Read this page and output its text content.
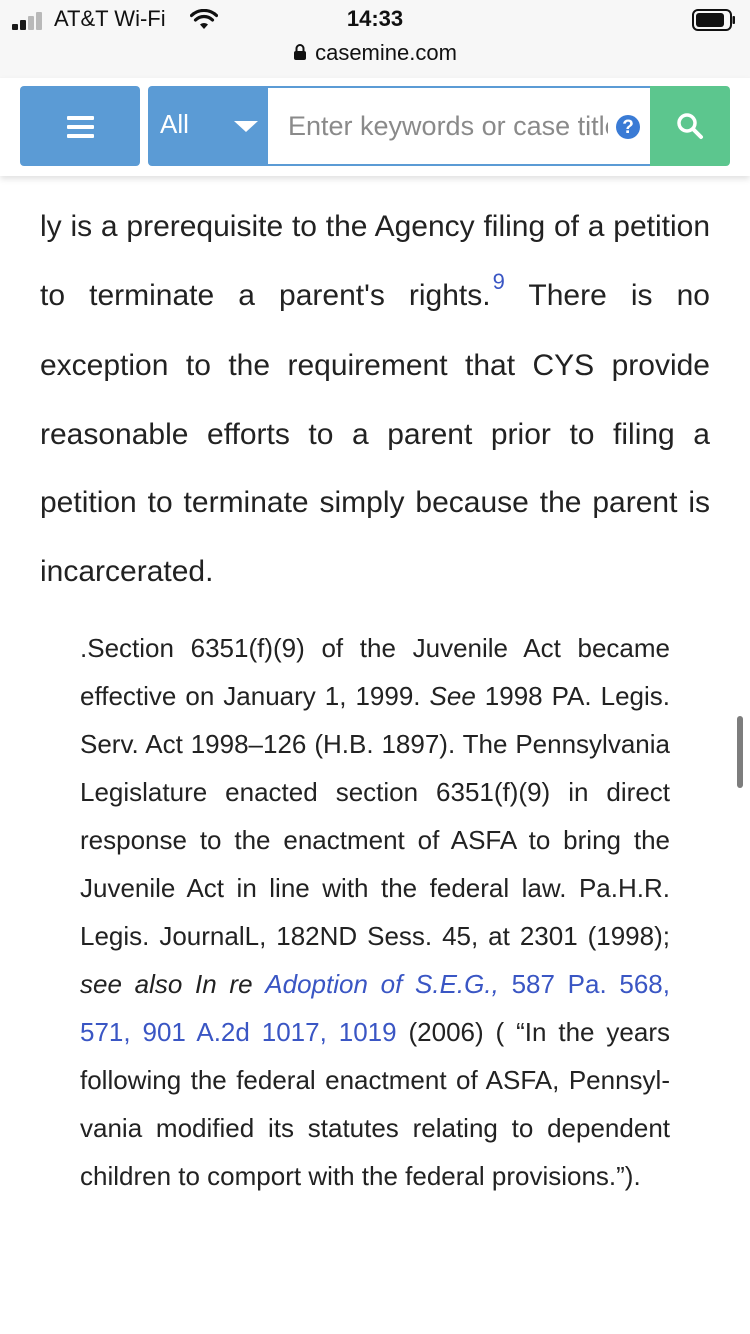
AT&T Wi-Fi	14:33
casemine.com
All
Enter keywords or case title	?

ly is a prerequisite to the Agency filing of a petition to terminate a parent's rights.$^9$ There is no exception to the requirement that CYS provide reasonable efforts to a parent prior to filing a petition to terminate simply because the parent is incarcerated.

.Section 6351(f)(9) of the Juvenile Act became effective on January 1, 1999. See 1998 PA. Legis. Serv. Act 1998–126 (H.B. 1897). The Pennsylvania Legislature enacted section 6351(f)(9) in direct response to the enactment of ASFA to bring the Juvenile Act in line with the federal law. Pa.H.R. Legis. JournalL, 182ND Sess. 45, at 2301 (1998); see also In re Adoption of S.E.G., 587 Pa. 568, 571, 901 A.2d 1017, 1019 (2006) ( “In the years following the federal enactment of ASFA, Pennsylvania modified its statutes relating to dependent children to comport with the federal provisions.”).
